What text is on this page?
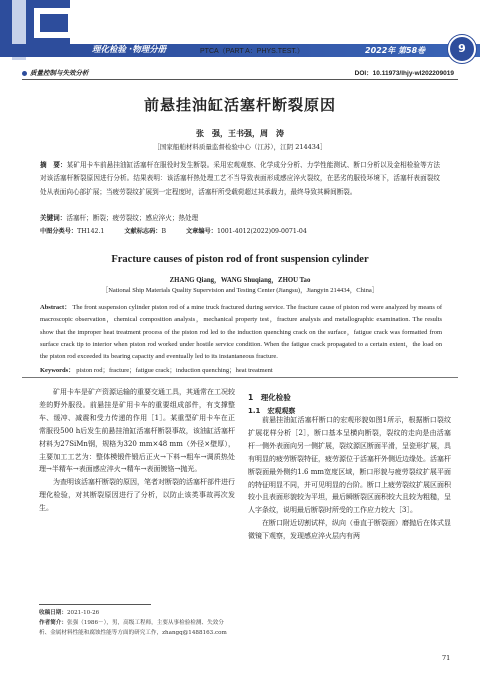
理化检验 ·物理分册	PTCA（PART A：PHYS.TEST.）	2022年 第58卷	9
质量控制与失效分析	DOI：10.11973/lhjy-wl202209019
前悬挂油缸活塞杆断裂原因
张　强，王书强，周　涛
［国家船舶材料质量监督检验中心（江苏），江阴 214434］
摘　要：某矿用卡车前悬挂油缸活塞杆在服役时发生断裂。采用宏观观察、化学成分分析、力学性能测试、断口分析以及金相检验等方法对该活塞杆断裂原因进行分析。结果表明：该活塞杆热处理工艺不当导致表面形成感应淬火裂纹，在恶劣的服役环境下，活塞杆表面裂纹处从表面向心部扩展；当疲劳裂纹扩展到一定程度时，活塞杆所受载荷超过其承载力，最终导致其瞬间断裂。
关键词：活塞杆；断裂；疲劳裂纹；感应淬火；热处理
中图分类号：TH142.1	文献标志码：B	文章编号：1001-4012(2022)09-0071-04
Fracture causes of piston rod of front suspension cylinder
ZHANG Qiang，WANG Shuqiang，ZHOU Tao
［National Ship Materials Quality Supervision and Testing Center (Jiangsu)，Jiangyin 214434，China］
Abstract： The front suspension cylinder piston rod of a mine truck fractured during service. The fracture cause of piston rod were analyzed by means of macroscopic observation，chemical composition analysis，mechanical property test，fracture analysis and metallographic examination. The results show that the improper heat treatment process of the piston rod led to the induction quenching crack on the surface，fatigue crack was formatted from surface crack tip to interior when piston rod worked under hostile service condition. When the fatigue crack propagated to a certain extent，the load on the piston rod exceeded its bearing capacity and eventually led to its instantaneous fracture.
Keywords： piston rod；fracture；fatigue crack；induction quenching；heat treatment

矿用卡车是矿产资源运输的重要交通工具，其通常在工况较差的野外服役。前悬挂是矿用卡车的重要组成部件，有支撑整车、缓冲、减震和受力传递的作用［1］。某重型矿用卡车在正常服役500 h后发生前悬挂油缸活塞杆断裂事故，该油缸活塞杆材料为27SiMn钢，规格为320 mm×48 mm（外径×壁厚），主要加工工艺为：整体模锻件锻后正火→下料→粗车→调质热处理→半精车→表面感应淬火→精车→表面镀铬→抛光。

为查明该活塞杆断裂的原因，笔者对断裂的活塞杆部件进行理化检验，对其断裂原因进行了分析，以防止该类事故再次发生。

1　理化检验
1.1　宏观观察

前悬挂油缸活塞杆断口的宏观形貌如图1所示，根据断口裂纹扩展花样分析［2］，断口基本呈横向断裂，裂纹的走向是由活塞杆一侧外表面向另一侧扩展，裂纹源区断面平滑，呈瓷形扩展，具有明显的疲劳断裂特征，疲劳源位于活塞杆外侧近边缘处。活塞杆断裂面最外侧约1.6 mm宽度区域，断口形貌与疲劳裂纹扩展平面的特征明显不同，并可见明显的台阶。断口上疲劳裂纹扩展区面积较小且表面形貌较为平坦，最后瞬断裂区面积较大且较为粗糙，呈人字条纹，说明最后断裂时所受的工作应力较大［3］。

在断口附近切割试样，纵向（垂直于断裂面）磨抛后在体式显微镜下观察，发现感应淬火层内有两

收稿日期：2021-10-26
作者简介：张强（1986－），男，高级工程师，主要从事检验检测、失效分析、金属材料性能和腐蚀性能等方面的研究工作，zhangq@1488163.com
71
